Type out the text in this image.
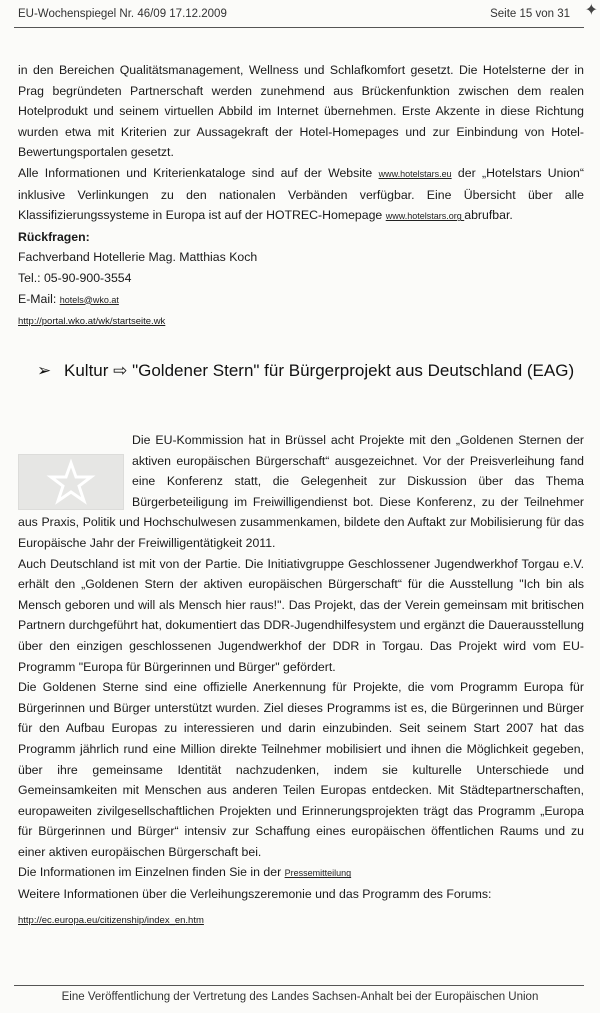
EU-Wochenspiegel Nr. 46/09 17.12.2009	Seite 15 von 31 ✦

in den Bereichen Qualitätsmanagement, Wellness und Schlafkomfort gesetzt. Die Hotelsterne der in Prag begründeten Partnerschaft werden zunehmend aus Brückenfunktion zwischen dem realen Hotelprodukt und seinem virtuellen Abbild im Internet übernehmen. Erste Akzente in diese Richtung wurden etwa mit Kriterien zur Aussagekraft der Hotel-Homepages und zur Einbindung von Hotel-Bewertungsportalen gesetzt.

Alle Informationen und Kriterienkataloge sind auf der Website www.hotelstars.eu der „Hotelstars Union“ inklusive Verlinkungen zu den nationalen Verbänden verfügbar. Eine Übersicht über alle Klassifizierungssysteme in Europa ist auf der HOTREC-Homepage www.hotelstars.org abrufbar.

Rückfragen:

Fachverband Hotellerie Mag. Matthias Koch

Tel.: 05-90-900-3554

E-Mail: hotels@wko.at

http://portal.wko.at/wk/startseite.wk

➢ Kultur ⇨ "Goldener Stern" für Bürgerprojekt aus Deutschland (EAG)

Die EU-Kommission hat in Brüssel acht Projekte mit den „Goldenen Sternen der aktiven europäischen Bürgerschaft“ ausgezeichnet. Vor der Preisverleihung fand eine Konferenz statt, die Gelegenheit zur Diskussion über das Thema Bürgerbeteiligung im Freiwilligendienst bot. Diese Konferenz, zu der Teilnehmer aus Praxis, Politik und Hochschulwesen zusammenkamen, bildete den Auftakt zur Mobilisierung für das Europäische Jahr der Freiwilligentätigkeit 2011.

Auch Deutschland ist mit von der Partie. Die Initiativgruppe Geschlossener Jugendwerkhof Torgau e.V. erhält den „Goldenen Stern der aktiven europäischen Bürgerschaft“ für die Ausstellung "Ich bin als Mensch geboren und will als Mensch hier raus!". Das Projekt, das der Verein gemeinsam mit britischen Partnern durchgeführt hat, dokumentiert das DDR-Jugendhilfesystem und ergänzt die Dauerausstellung über den einzigen geschlossenen Jugendwerkhof der DDR in Torgau. Das Projekt wird vom EU-Programm "Europa für Bürgerinnen und Bürger" gefördert.

Die Goldenen Sterne sind eine offizielle Anerkennung für Projekte, die vom Programm Europa für Bürgerinnen und Bürger unterstützt wurden. Ziel dieses Programms ist es, die Bürgerinnen und Bürger für den Aufbau Europas zu interessieren und darin einzubinden. Seit seinem Start 2007 hat das Programm jährlich rund eine Million direkte Teilnehmer mobilisiert und ihnen die Möglichkeit gegeben, über ihre gemeinsame Identität nachzudenken, indem sie kulturelle Unterschiede und Gemeinsamkeiten mit Menschen aus anderen Teilen Europas entdecken. Mit Städtepartnerschaften, europaweiten zivilgesellschaftlichen Projekten und Erinnerungsprojekten trägt das Programm „Europa für Bürgerinnen und Bürger“ intensiv zur Schaffung eines europäischen öffentlichen Raums und zu einer aktiven europäischen Bürgerschaft bei.

Die Informationen im Einzelnen finden Sie in der Pressemitteilung

Weitere Informationen über die Verleihungszeremonie und das Programm des Forums:

http://ec.europa.eu/citizenship/index_en.htm

Eine Veröffentlichung der Vertretung des Landes Sachsen-Anhalt bei der Europäischen Union
